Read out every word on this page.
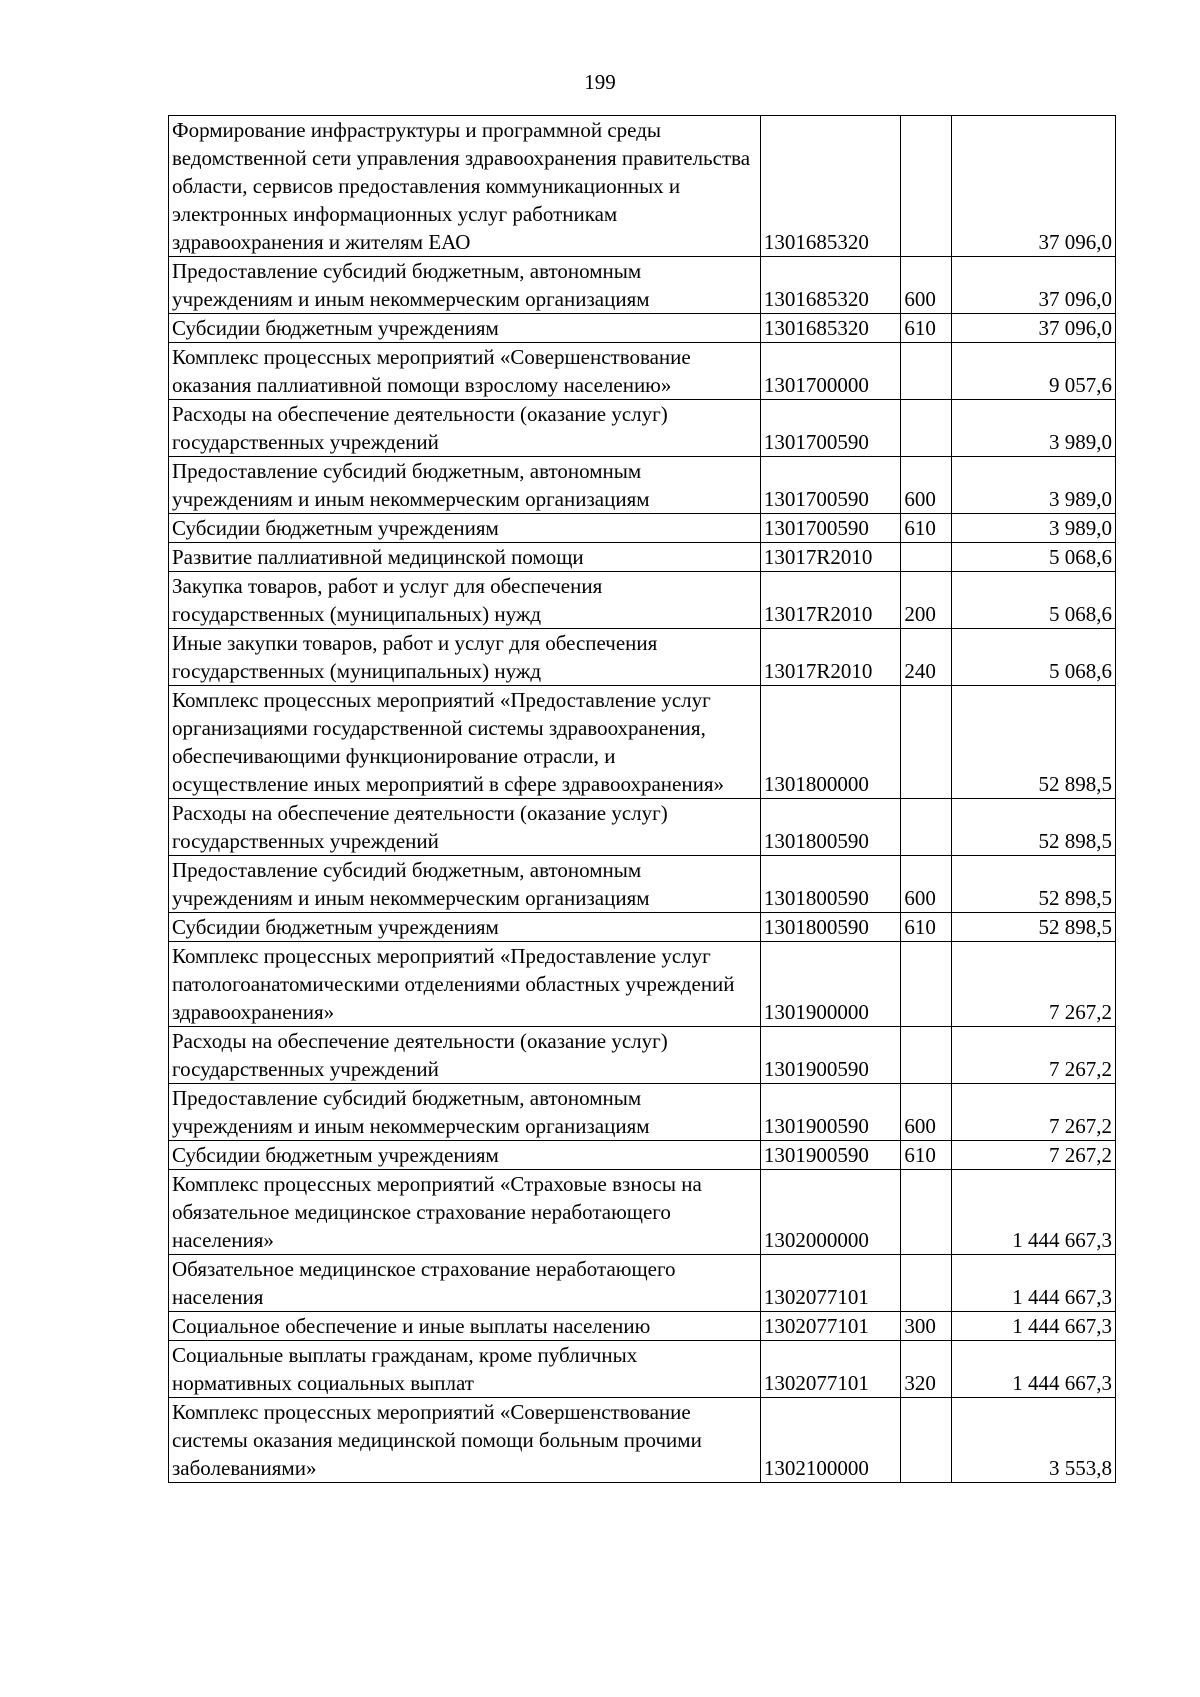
199
Формирование инфраструктуры и программной среды ведомственной сети управления здравоохранения правительства области, сервисов предоставления коммуникационных и электронных информационных услуг работникам здравоохранения и жителям ЕАО	1301685320		37 096,0
Предоставление субсидий бюджетным, автономным учреждениям и иным некоммерческим организациям	1301685320	600	37 096,0
Субсидии бюджетным учреждениям	1301685320	610	37 096,0
Комплекс процессных мероприятий «Совершенствование оказания паллиативной помощи взрослому населению»	1301700000		9 057,6
Расходы на обеспечение деятельности (оказание услуг) государственных учреждений	1301700590		3 989,0
Предоставление субсидий бюджетным, автономным учреждениям и иным некоммерческим организациям	1301700590	600	3 989,0
Субсидии бюджетным учреждениям	1301700590	610	3 989,0
Развитие паллиативной медицинской помощи	13017R2010		5 068,6
Закупка товаров, работ и услуг для обеспечения государственных (муниципальных) нужд	13017R2010	200	5 068,6
Иные закупки товаров, работ и услуг для обеспечения государственных (муниципальных) нужд	13017R2010	240	5 068,6
Комплекс процессных мероприятий «Предоставление услуг организациями государственной системы здравоохранения, обеспечивающими функционирование отрасли, и осуществление иных мероприятий в сфере здравоохранения»	1301800000		52 898,5
Расходы на обеспечение деятельности (оказание услуг) государственных учреждений	1301800590		52 898,5
Предоставление субсидий бюджетным, автономным учреждениям и иным некоммерческим организациям	1301800590	600	52 898,5
Субсидии бюджетным учреждениям	1301800590	610	52 898,5
Комплекс процессных мероприятий «Предоставление услуг патологоанатомическими отделениями областных учреждений здравоохранения»	1301900000		7 267,2
Расходы на обеспечение деятельности (оказание услуг) государственных учреждений	1301900590		7 267,2
Предоставление субсидий бюджетным, автономным учреждениям и иным некоммерческим организациям	1301900590	600	7 267,2
Субсидии бюджетным учреждениям	1301900590	610	7 267,2
Комплекс процессных мероприятий «Страховые взносы на обязательное медицинское страхование неработающего населения»	1302000000		1 444 667,3
Обязательное медицинское страхование неработающего населения	1302077101		1 444 667,3
Социальное обеспечение и иные выплаты населению	1302077101	300	1 444 667,3
Социальные выплаты гражданам, кроме публичных нормативных социальных выплат	1302077101	320	1 444 667,3
Комплекс процессных мероприятий «Совершенствование системы оказания медицинской помощи больным прочими заболеваниями»	1302100000		3 553,8
